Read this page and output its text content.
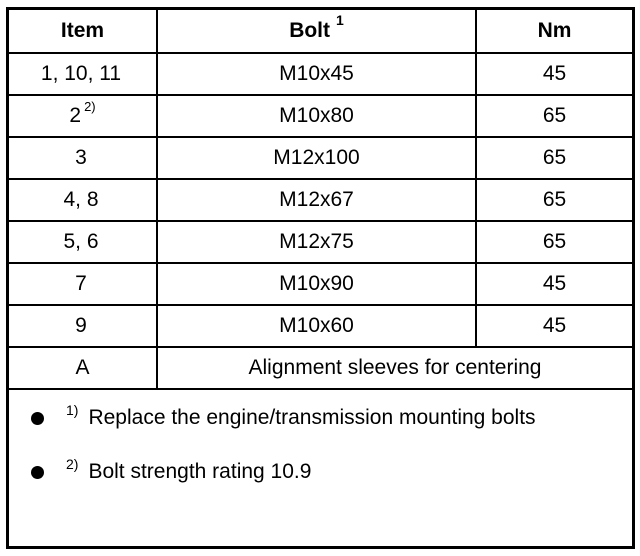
Item	Bolt $^1$	Nm
1, 10, 11	M10x45	45
2 $^{2)}$	M10x80	65
3	M12x100	65
4, 8	M12x67	65
5, 6	M12x75	65
7	M10x90	45
9	M10x60	45
A	Alignment sleeves for centering	
1) Replace the engine/transmission mounting bolts
2) Bolt strength rating 10.9
